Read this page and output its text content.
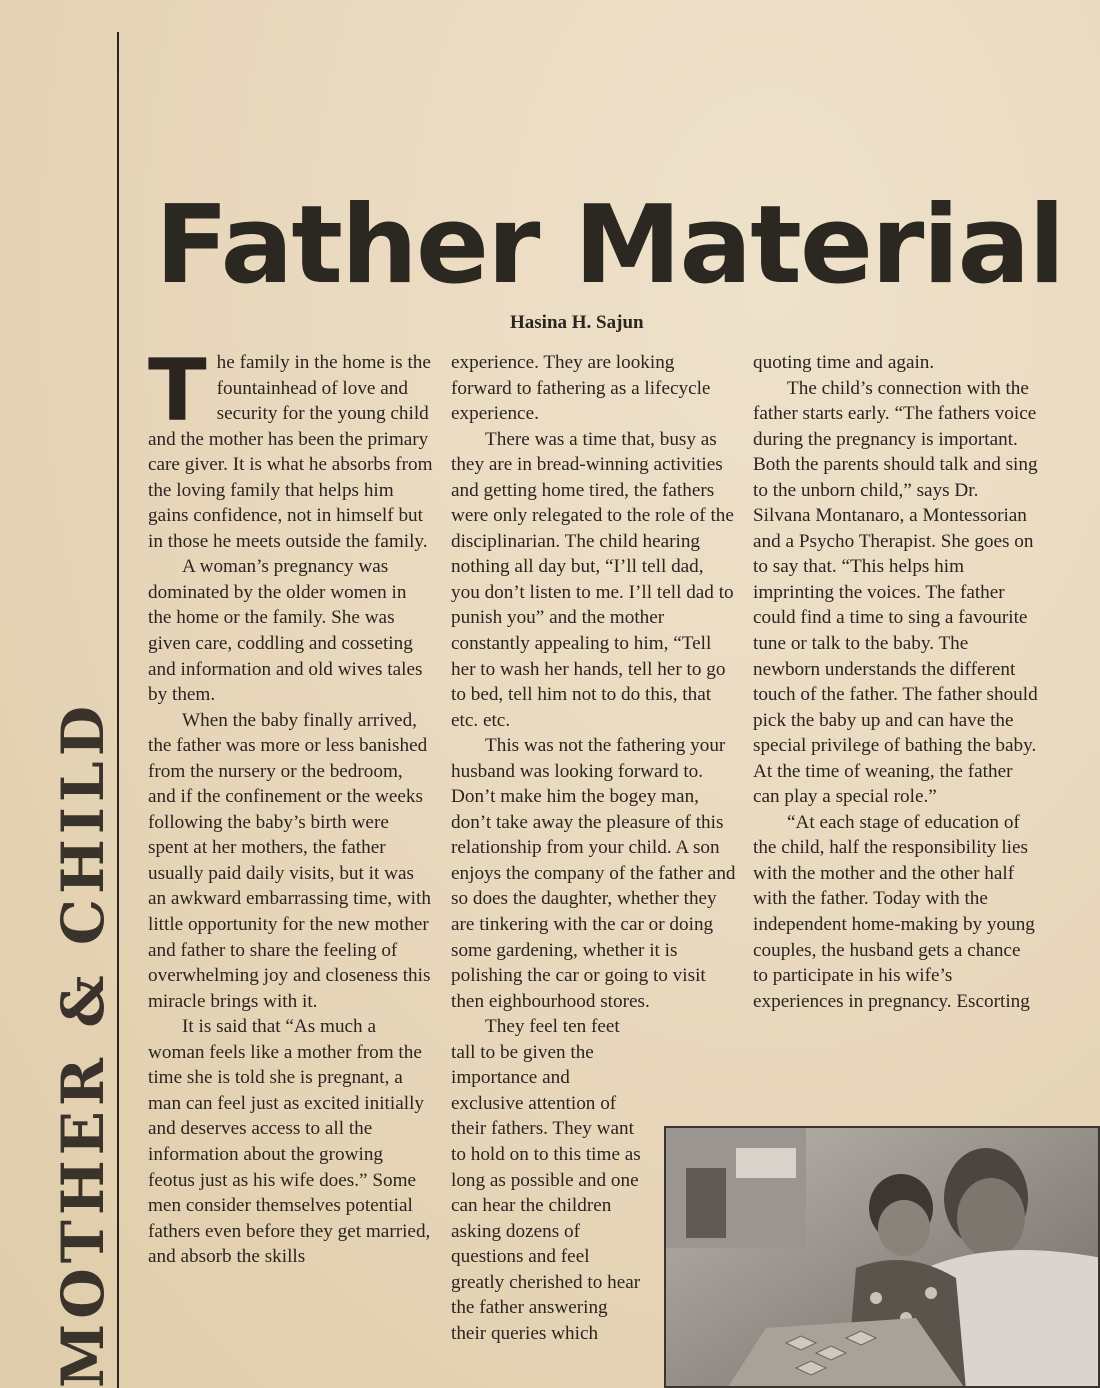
MOTHER & CHILD
Father Material
Hasina H. Sajun

The family in the home is the fountainhead of love and security for the young child and the mother has been the primary care giver. It is what he absorbs from the loving family that helps him gains confidence, not in himself but in those he meets outside the family.

A woman’s pregnancy was dominated by the older women in the home or the family. She was given care, coddling and cosseting and information and old wives tales by them.

When the baby finally arrived, the father was more or less banished from the nursery or the bedroom, and if the confinement or the weeks following the baby’s birth were spent at her mothers, the father usually paid daily visits, but it was an awkward embarrassing time, with little opportunity for the new mother and father to share the feeling of overwhelming joy and closeness this miracle brings with it.

It is said that “As much a woman feels like a mother from the time she is told she is pregnant, a man can feel just as excited initially and deserves access to all the information about the growing feotus just as his wife does.” Some men consider themselves potential fathers even before they get married, and absorb the skills

experience. They are looking forward to fathering as a lifecycle experience.

There was a time that, busy as they are in bread-winning activities and getting home tired, the fathers were only relegated to the role of the disciplinarian. The child hearing nothing all day but, “I’ll tell dad, you don’t listen to me. I’ll tell dad to punish you” and the mother constantly appealing to him, “Tell her to wash her hands, tell her to go to bed, tell him not to do this, that etc. etc.

This was not the fathering your husband was looking forward to. Don’t make him the bogey man, don’t take away the pleasure of this relationship from your child. A son enjoys the company of the father and so does the daughter, whether they are tinkering with the car or doing some gardening, whether it is polishing the car or going to visit then eighbourhood stores.

They feel ten feet tall to be given the importance and exclusive attention of their fathers. They want to hold on to this time as long as possible and one can hear the children asking dozens of questions and feel greatly cherished to hear the father answering their queries which

quoting time and again.

The child’s connection with the father starts early. “The fathers voice during the pregnancy is important. Both the parents should talk and sing to the unborn child,” says Dr. Silvana Montanaro, a Montessorian and a Psycho Therapist. She goes on to say that. “This helps him imprinting the voices. The father could find a time to sing a favourite tune or talk to the baby. The newborn understands the different touch of the father. The father should pick the baby up and can have the special privilege of bathing the baby. At the time of weaning, the father can play a special role.”

“At each stage of education of the child, half the responsibility lies with the mother and the other half with the father. Today with the independent home-making by young couples, the husband gets a chance to participate in his wife’s experiences in pregnancy. Escorting
